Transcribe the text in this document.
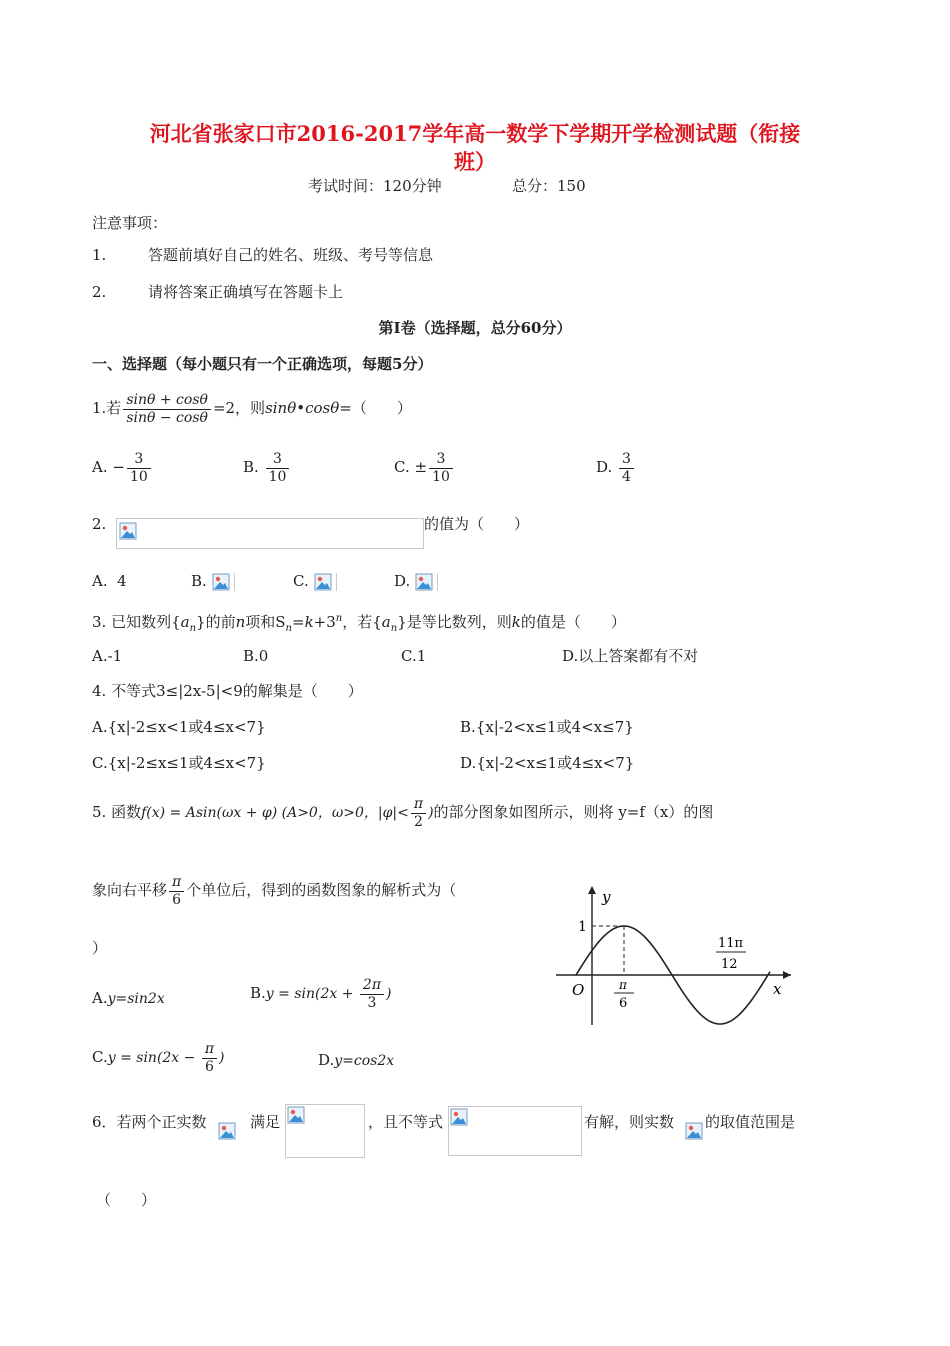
河北省张家口市2016-2017学年高一数学下学期开学检测试题（衔接
班）
考试时间：120分钟	总分：150
注意事项：
1.	答题前填好自己的姓名、班级、考号等信息
2.	请将答案正确填写在答题卡上
第I卷（选择题，总分60分）
一、选择题（每小题只有一个正确选项，每题5分）
1.若 $\frac{\sin\theta + \cos\theta}{\sin\theta - \cos\theta} =2$，则sinθ•cosθ=（　　）
A. − $\frac{3}{10}$	B. $\frac{3}{10}$	C. ± $\frac{3}{10}$	D. $\frac{3}{4}$
2.	的值为（　　）
A. 4	B.	C.	D.
3. 已知数列$\{a_n\}$的前n项和$S_n=k+3^n$，若$\{a_n\}$是等比数列，则k的值是（　　）
A.-1	B.0	C.1	D.以上答案都有不对
4. 不等式3≤|2x-5|<9的解集是（　　）
A.{x|-2≤x<1或4≤x<7}	B.{x|-2<x≤1或4<x≤7}
C.{x|-2≤x≤1或4≤x<7}	D.{x|-2<x≤1或4≤x<7}
5. 函数f(x) = Asin(ωx + φ) (A>0，ω>0，$|\varphi|< \frac{\pi}{2}$ )的部分图象如图所示，则将 y=f（x）的图
象向右平移 $\frac{\pi}{6}$ 个单位后，得到的函数图象的解析式为（
）
y
x
O
1
π
6
11π
12
A.y=sin2x	$B.y = \sin(2x + \frac{2\pi}{3}$ )
$C.y = \sin(2x - \frac{\pi}{6}$ )	D.y=cos2x
6．若两个正实数	满足	，且不等式	有解，则实数 的取值范围是
（　　）
